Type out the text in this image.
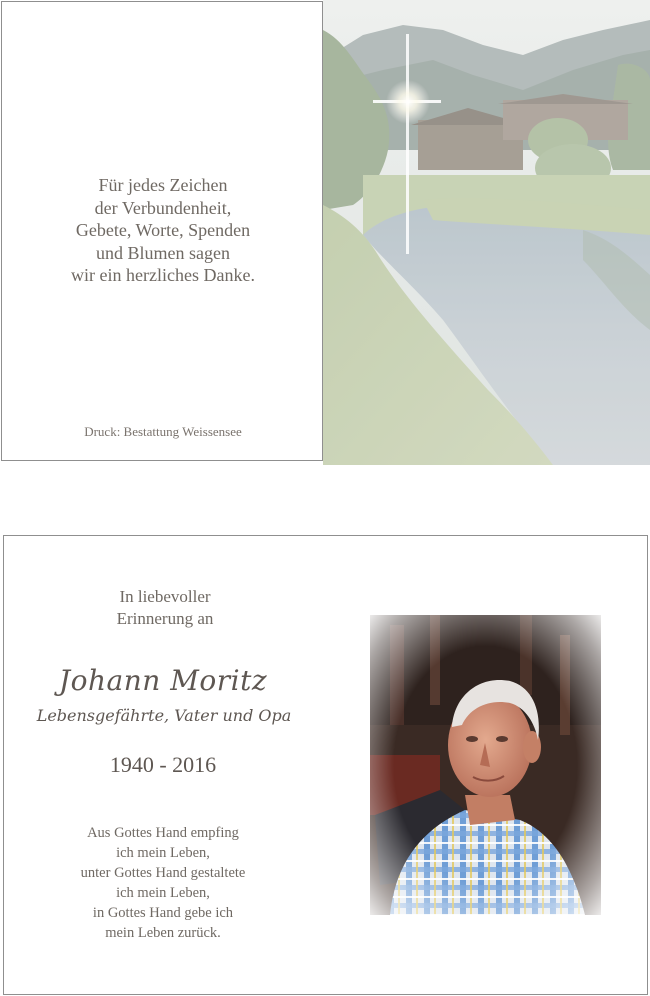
Für jedes Zeichen
der Verbundenheit,
Gebete, Worte, Spenden
und Blumen sagen
wir ein herzliches Danke.
Druck: Bestattung Weissensee
In liebevoller
Erinnerung an
Johann Moritz
Lebensgefährte, Vater und Opa
1940 - 2016
Aus Gottes Hand empfing
ich mein Leben,
unter Gottes Hand gestaltete
ich mein Leben,
in Gottes Hand gebe ich
mein Leben zurück.
